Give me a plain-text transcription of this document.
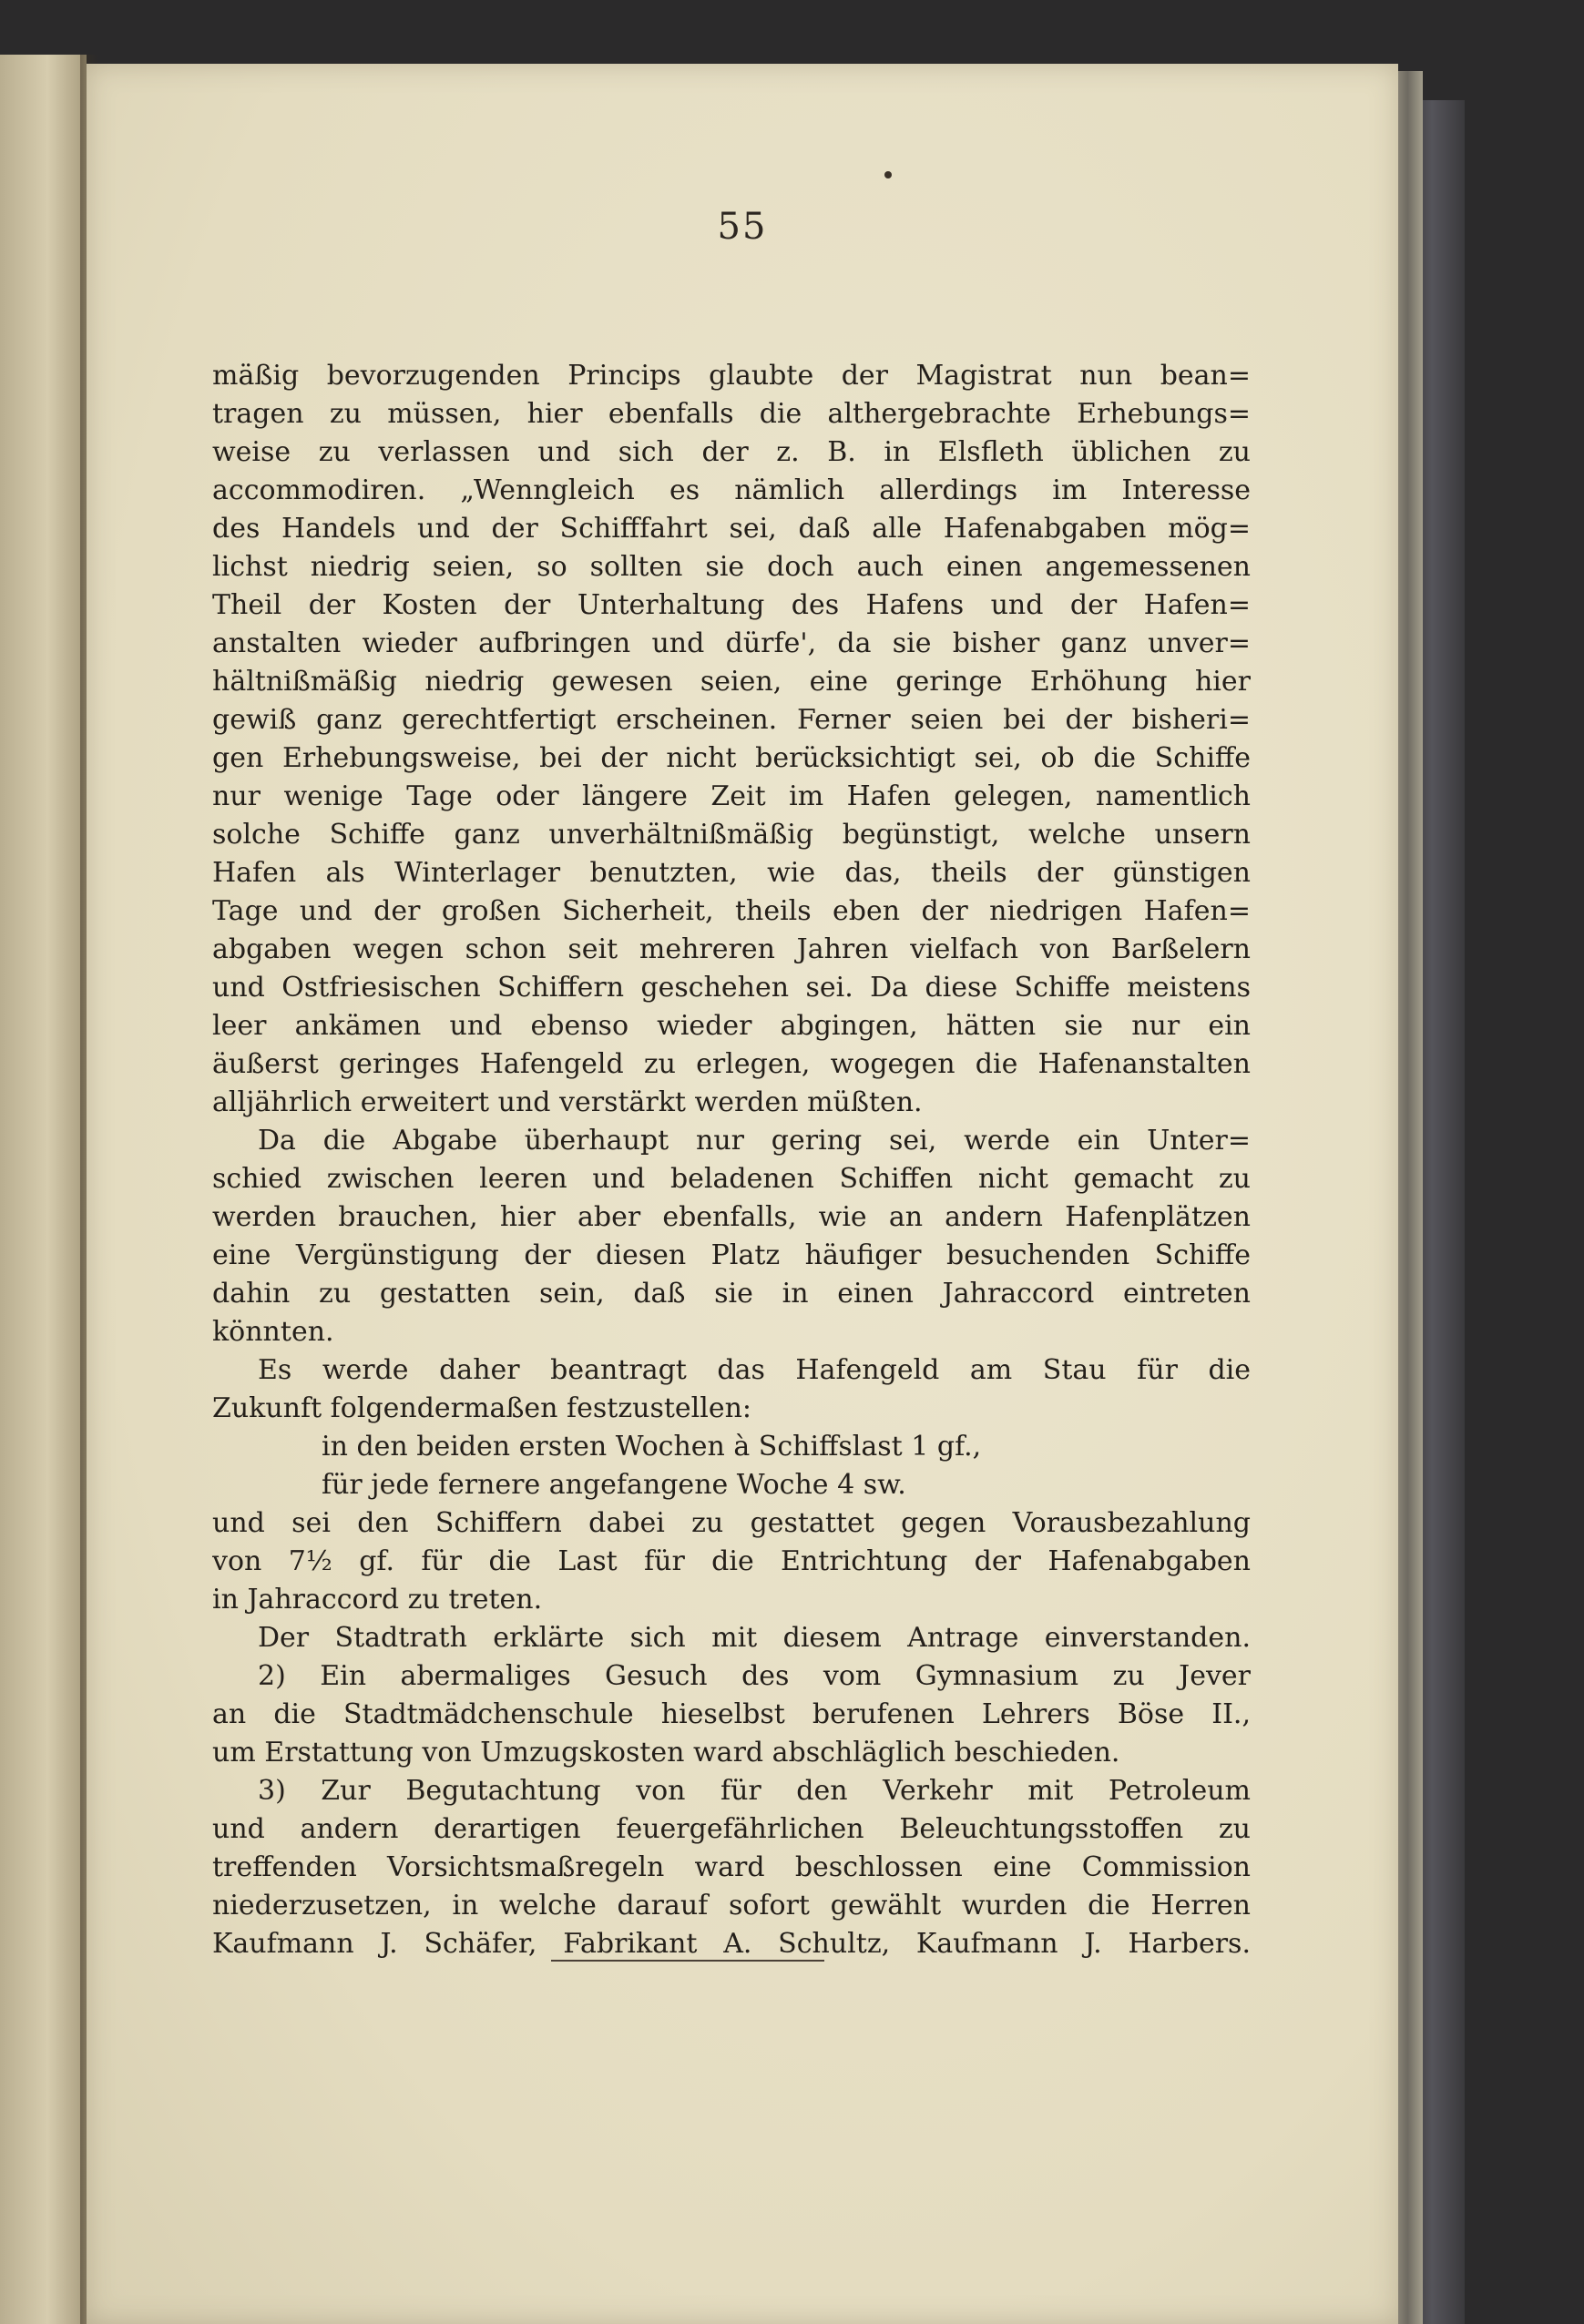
55
mäßig bevorzugenden Princips glaubte der Magistrat nun bean=
tragen zu müssen, hier ebenfalls die althergebrachte Erhebungs=
weise zu verlassen und sich der z. B. in Elsfleth üblichen zu
accommodiren. „Wenngleich es nämlich allerdings im Interesse
des Handels und der Schifffahrt sei, daß alle Hafenabgaben mög=
lichst niedrig seien, so sollten sie doch auch einen angemessenen
Theil der Kosten der Unterhaltung des Hafens und der Hafen=
anstalten wieder aufbringen und dürfe', da sie bisher ganz unver=
hältnißmäßig niedrig gewesen seien, eine geringe Erhöhung hier
gewiß ganz gerechtfertigt erscheinen. Ferner seien bei der bisheri=
gen Erhebungsweise, bei der nicht berücksichtigt sei, ob die Schiffe
nur wenige Tage oder längere Zeit im Hafen gelegen, namentlich
solche Schiffe ganz unverhältnißmäßig begünstigt, welche unsern
Hafen als Winterlager benutzten, wie das, theils der günstigen
Tage und der großen Sicherheit, theils eben der niedrigen Hafen=
abgaben wegen schon seit mehreren Jahren vielfach von Barßelern
und Ostfriesischen Schiffern geschehen sei. Da diese Schiffe meistens
leer ankämen und ebenso wieder abgingen, hätten sie nur ein
äußerst geringes Hafengeld zu erlegen, wogegen die Hafenanstalten
alljährlich erweitert und verstärkt werden müßten.
Da die Abgabe überhaupt nur gering sei, werde ein Unter=
schied zwischen leeren und beladenen Schiffen nicht gemacht zu
werden brauchen, hier aber ebenfalls, wie an andern Hafenplätzen
eine Vergünstigung der diesen Platz häufiger besuchenden Schiffe
dahin zu gestatten sein, daß sie in einen Jahraccord eintreten
könnten.
Es werde daher beantragt das Hafengeld am Stau für die
Zukunft folgendermaßen festzustellen:
in den beiden ersten Wochen à Schiffslast 1 gf.,
für jede fernere angefangene Woche 4 sw.
und sei den Schiffern dabei zu gestattet gegen Vorausbezahlung
von 7½ gf. für die Last für die Entrichtung der Hafenabgaben
in Jahraccord zu treten.
Der Stadtrath erklärte sich mit diesem Antrage einverstanden.
2) Ein abermaliges Gesuch des vom Gymnasium zu Jever
an die Stadtmädchenschule hieselbst berufenen Lehrers Böse II.,
um Erstattung von Umzugskosten ward abschläglich beschieden.
3) Zur Begutachtung von für den Verkehr mit Petroleum
und andern derartigen feuergefährlichen Beleuchtungsstoffen zu
treffenden Vorsichtsmaßregeln ward beschlossen eine Commission
niederzusetzen, in welche darauf sofort gewählt wurden die Herren
Kaufmann J. Schäfer, Fabrikant A. Schultz, Kaufmann J. Harbers.
